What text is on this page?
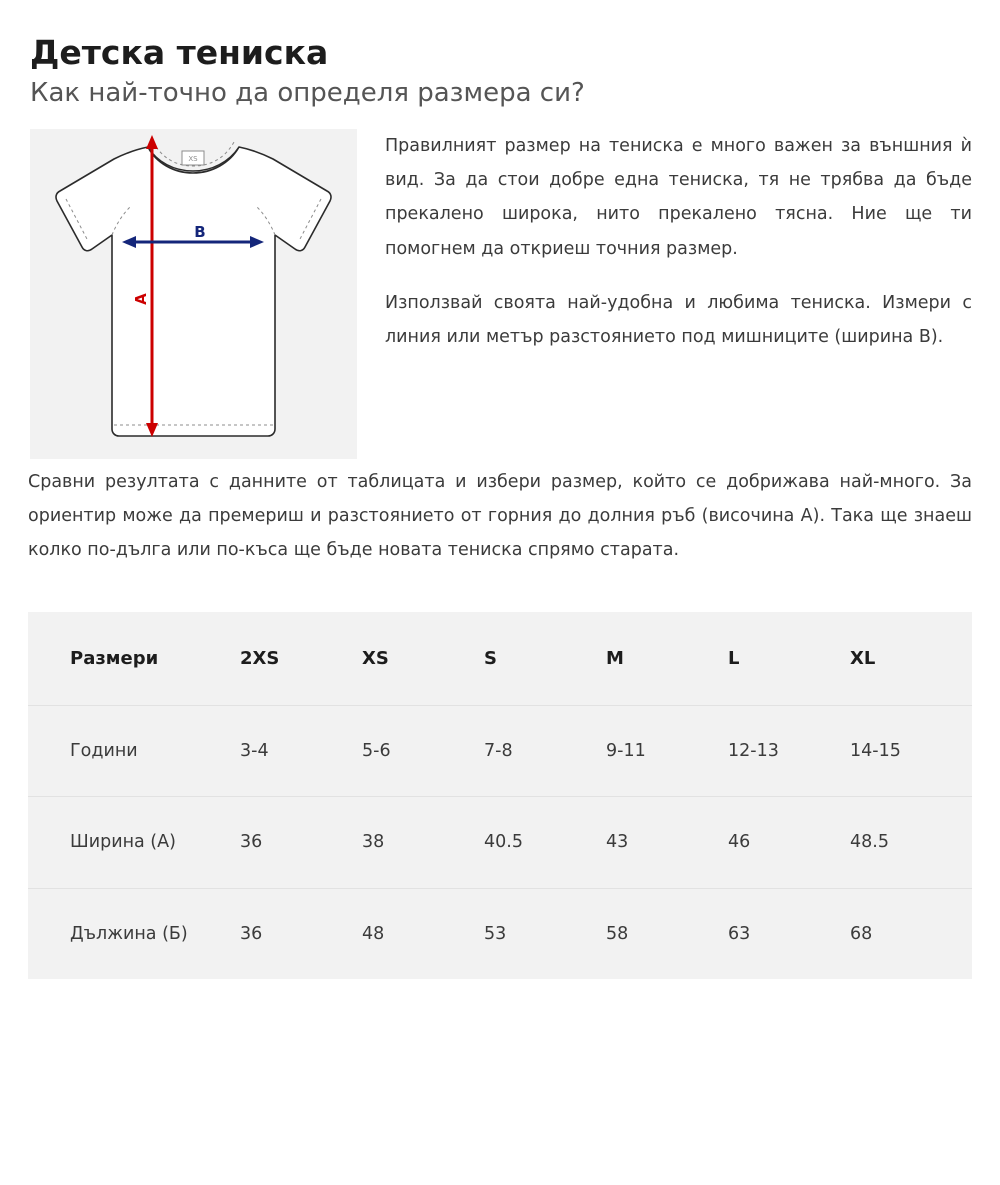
Детска тениска
Как най-точно да определя размера си?
XS
A
B

Правилният размер на тениска е много важен за външния ѝ вид. За да стои добре една тениска, тя не трябва да бъде прекалено широка, нито прекалено тясна. Ние ще ти помогнем да откриеш точния размер.

Използвай своята най-удобна и любима тениска. Измери с линия или метър разстоянието под мишниците (ширина B).

Сравни резултата с данните от таблицата и избери размер, който се добрижава най-много. За ориентир може да премериш и разстоянието от горния до долния ръб (височина А). Така ще знаеш колко по-дълга или по-къса ще бъде новата тениска спрямо старата.
Размери	2XS	XS	S	M	L	XL
Години	3-4	5-6	7-8	9-11	12-13	14-15
Ширина (А)	36	38	40.5	43	46	48.5
Дължина (Б)	36	48	53	58	63	68
